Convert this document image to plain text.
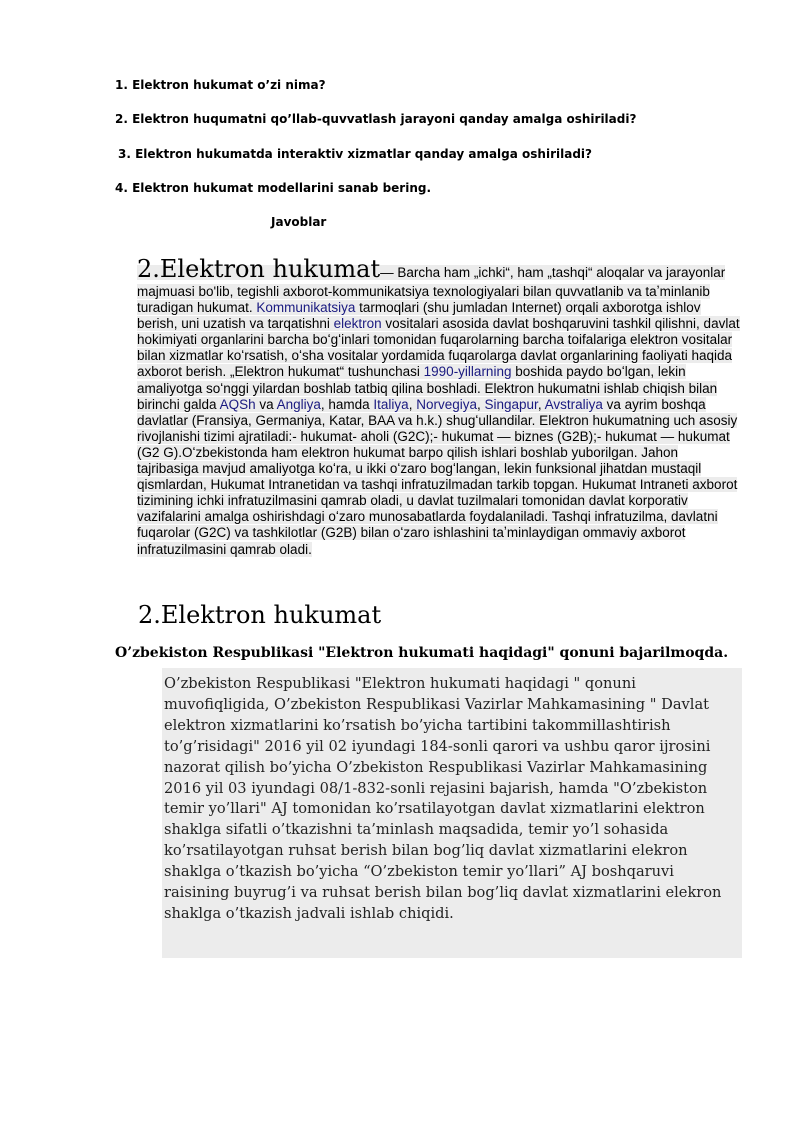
1. Elektron hukumat o’zi nima?
2. Elektron huqumatni qo’llab-quvvatlash jarayoni qanday amalga oshiriladi?
3. Elektron hukumatda interaktiv xizmatlar qanday amalga oshiriladi?
4. Elektron hukumat modellarini sanab bering.
Javoblar
2.Elektron hukumat— Barcha ham „ichki“, ham „tashqi“ aloqalar va jarayonlar majmuasi bo'lib, tegishli axborot-kommunikatsiya texnologiyalari bilan quvvatlanib va taʼminlanib turadigan hukumat. Kommunikatsiya tarmoqlari (shu jumladan Internet) orqali axborotga ishlov berish, uni uzatish va tarqatishni elektron vositalari asosida davlat boshqaruvini tashkil qilishni, davlat hokimiyati organlarini barcha boʻgʻinlari tomonidan fuqarolarning barcha toifalariga elektron vositalar bilan xizmatlar koʻrsatish, oʻsha vositalar yordamida fuqarolarga davlat organlarining faoliyati haqida axborot berish. „Elektron hukumat“ tushunchasi 1990-yillarning boshida paydo boʻlgan, lekin amaliyotga soʻnggi yilardan boshlab tatbiq qilina boshladi. Elektron hukumatni ishlab chiqish bilan birinchi galda AQSh va Angliya, hamda Italiya, Norvegiya, Singapur, Avstraliya va ayrim boshqa davlatlar (Fransiya, Germaniya, Katar, BAA va h.k.) shugʻullandilar. Elektron hukumatning uch asosiy rivojlanishi tizimi ajratiladi:- hukumat- aholi (G2C);- hukumat — biznes (G2B);- hukumat — hukumat (G2 G).Oʻzbekistonda ham elektron hukumat barpo qilish ishlari boshlab yuborilgan. Jahon tajribasiga mavjud amaliyotga koʻra, u ikki oʻzaro bogʻlangan, lekin funksional jihatdan mustaqil qismlardan, Hukumat Intranetidan va tashqi infratuzilmadan tarkib topgan. Hukumat Intraneti axborot tizimining ichki infratuzilmasini qamrab oladi, u davlat tuzilmalari tomonidan davlat korporativ vazifalarini amalga oshirishdagi oʻzaro munosabatlarda foydalaniladi. Tashqi infratuzilma, davlatni fuqarolar (G2C) va tashkilotlar (G2B) bilan oʻzaro ishlashini taʼminlaydigan ommaviy axborot infratuzilmasini qamrab oladi.
2.Elektron hukumat
O’zbekiston Respublikasi "Elektron hukumati haqidagi" qonuni bajarilmoqda.
O’zbekiston Respublikasi "Elektron hukumati haqidagi " qonuni muvofiqligida, O’zbekiston Respublikasi Vazirlar Mahkamasining " Davlat elektron xizmatlarini ko’rsatish bo’yicha tartibini takommillashtirish to’g’risidagi" 2016 yil 02 iyundagi 184-sonli qarori va ushbu qaror ijrosini nazorat qilish bo’yicha O’zbekiston Respublikasi Vazirlar Mahkamasining 2016 yil 03 iyundagi 08/1-832-sonli rejasini bajarish, hamda "O’zbekiston temir yo’llari" AJ tomonidan ko’rsatilayotgan davlat xizmatlarini elektron shaklga sifatli o’tkazishni ta’minlash maqsadida, temir yo’l sohasida ko’rsatilayotgan ruhsat berish bilan bog’liq davlat xizmatlarini elekron shaklga o’tkazish bo’yicha “O’zbekiston temir yo’llari” AJ boshqaruvi raisining buyrug’i va ruhsat berish bilan bog’liq davlat xizmatlarini elekron shaklga o’tkazish jadvali ishlab chiqidi.
